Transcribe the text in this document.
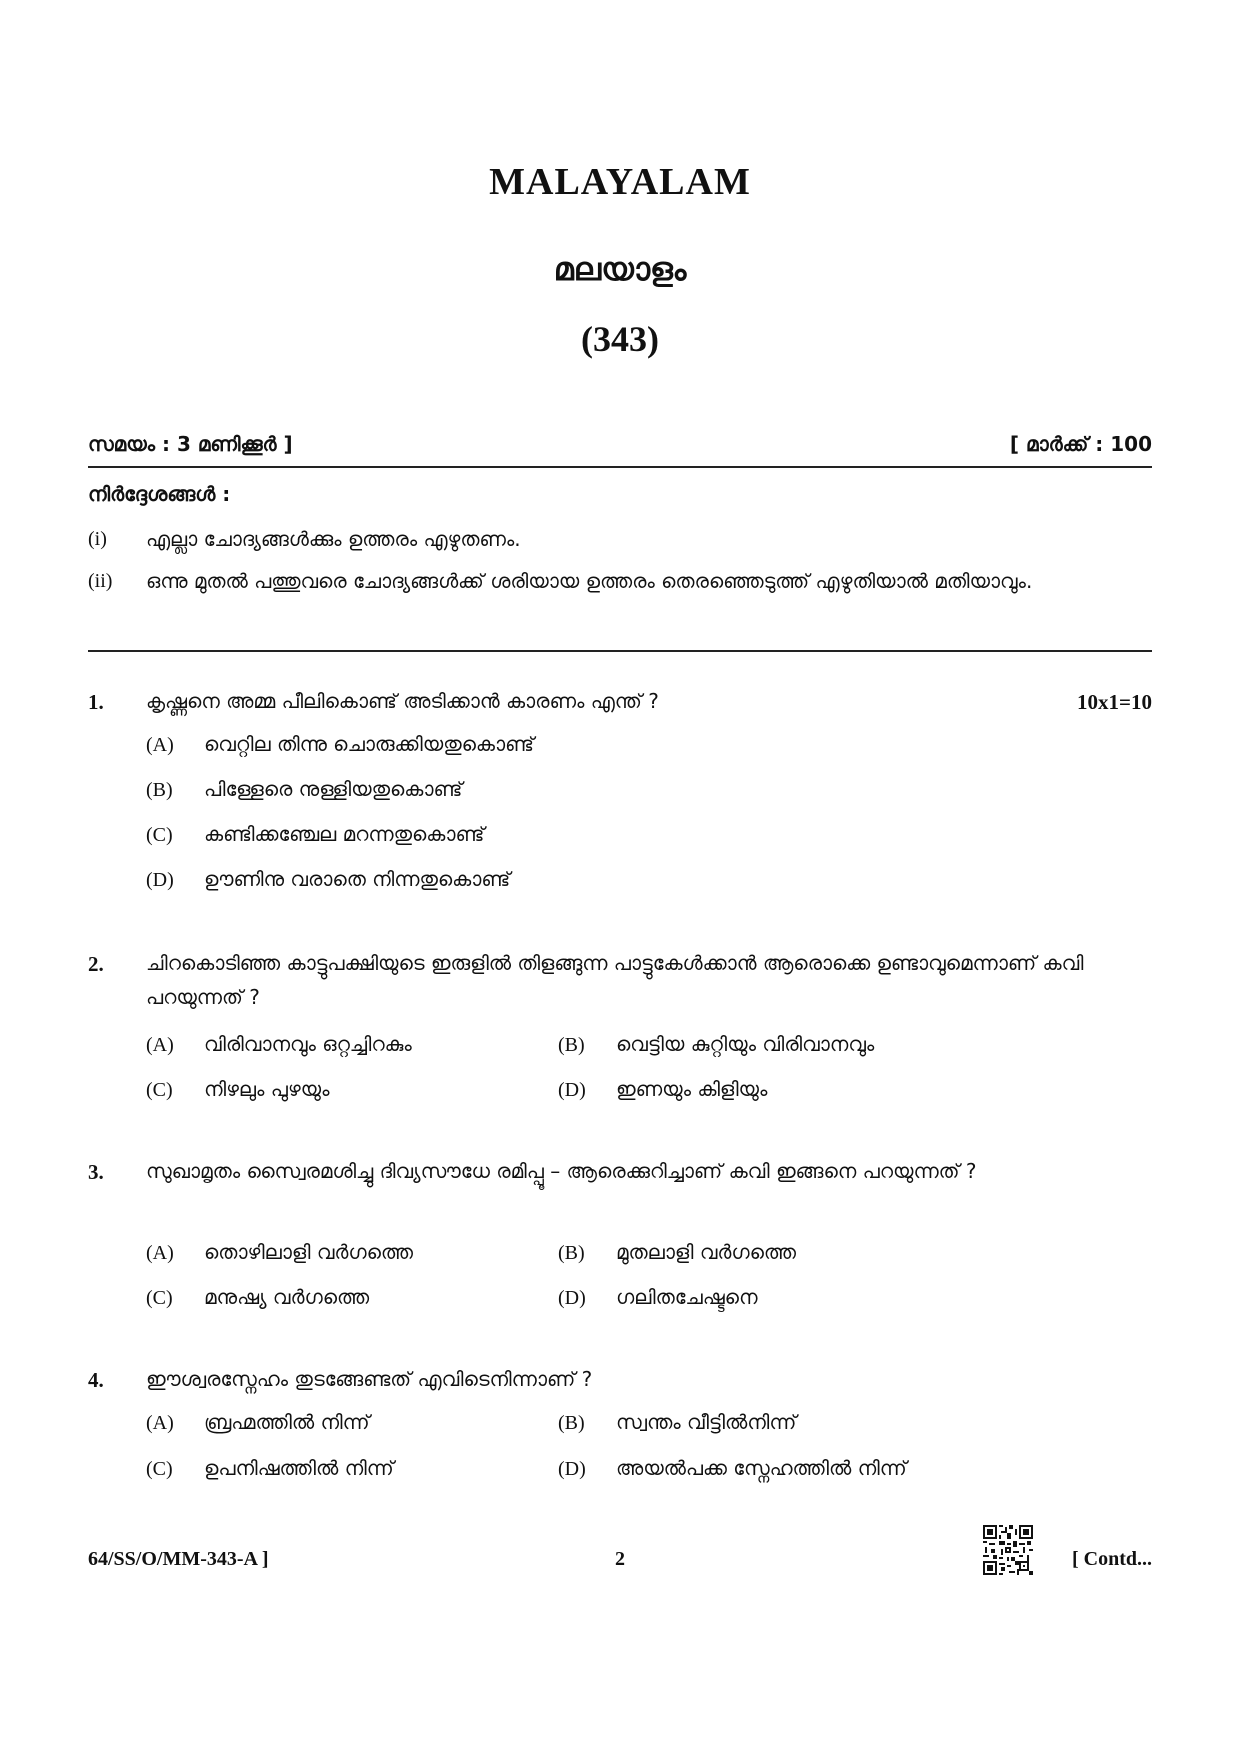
MALAYALAM
മലയാളം
(343)
സമയം : 3 മണിക്കൂർ ]	[ മാർക്ക് : 100
നിർദ്ദേശങ്ങൾ :
(i) എല്ലാ ചോദ്യങ്ങൾക്കും ഉത്തരം എഴുതണം.
(ii) ഒന്നു മുതൽ പത്തുവരെ ചോദ്യങ്ങൾക്ക് ശരിയായ ഉത്തരം തെരഞ്ഞെടുത്ത് എഴുതിയാൽ മതിയാവും.
1. കൃഷ്ണനെ അമ്മ പീലികൊണ്ട് അടിക്കാൻ കാരണം എന്ത് ?	10x1=10
(A) വെറ്റില തിന്നു ചൊരുക്കിയതുകൊണ്ട്
(B) പിള്ളേരെ നുള്ളിയതുകൊണ്ട്
(C) കണ്ടിക്കഞ്ചേല മറന്നതുകൊണ്ട്
(D) ഊണിനു വരാതെ നിന്നതുകൊണ്ട്
2. ചിറകൊടിഞ്ഞ കാട്ടുപക്ഷിയുടെ ഇരുളിൽ തിളങ്ങുന്ന പാട്ടുകേൾക്കാൻ ആരൊക്കെ ഉണ്ടാവുമെന്നാണ് കവി പറയുന്നത് ?
(A) വിരിവാനവും ഒറ്റച്ചിറകും	(B) വെട്ടിയ കുറ്റിയും വിരിവാനവും
(C) നിഴലും പുഴയും	(D) ഇണയും കിളിയും
3. സുഖാമൃതം സ്വൈരമശിച്ചു ദിവ്യസൗധേ രമിപ്പൂ – ആരെക്കുറിച്ചാണ് കവി ഇങ്ങനെ പറയുന്നത് ?
(A) തൊഴിലാളി വർഗത്തെ	(B) മുതലാളി വർഗത്തെ
(C) മനുഷ്യ വർഗത്തെ	(D) ഗലിതചേഷ്ടനെ
4. ഈശ്വരസ്നേഹം തുടങ്ങേണ്ടത് എവിടെനിന്നാണ് ?
(A) ബ്രഹ്മത്തിൽ നിന്ന്	(B) സ്വന്തം വീട്ടിൽനിന്ന്
(C) ഉപനിഷത്തിൽ നിന്ന്	(D) അയൽപക്ക സ്നേഹത്തിൽ നിന്ന്
64/SS/O/MM-343-A ]	2	[ Contd...
